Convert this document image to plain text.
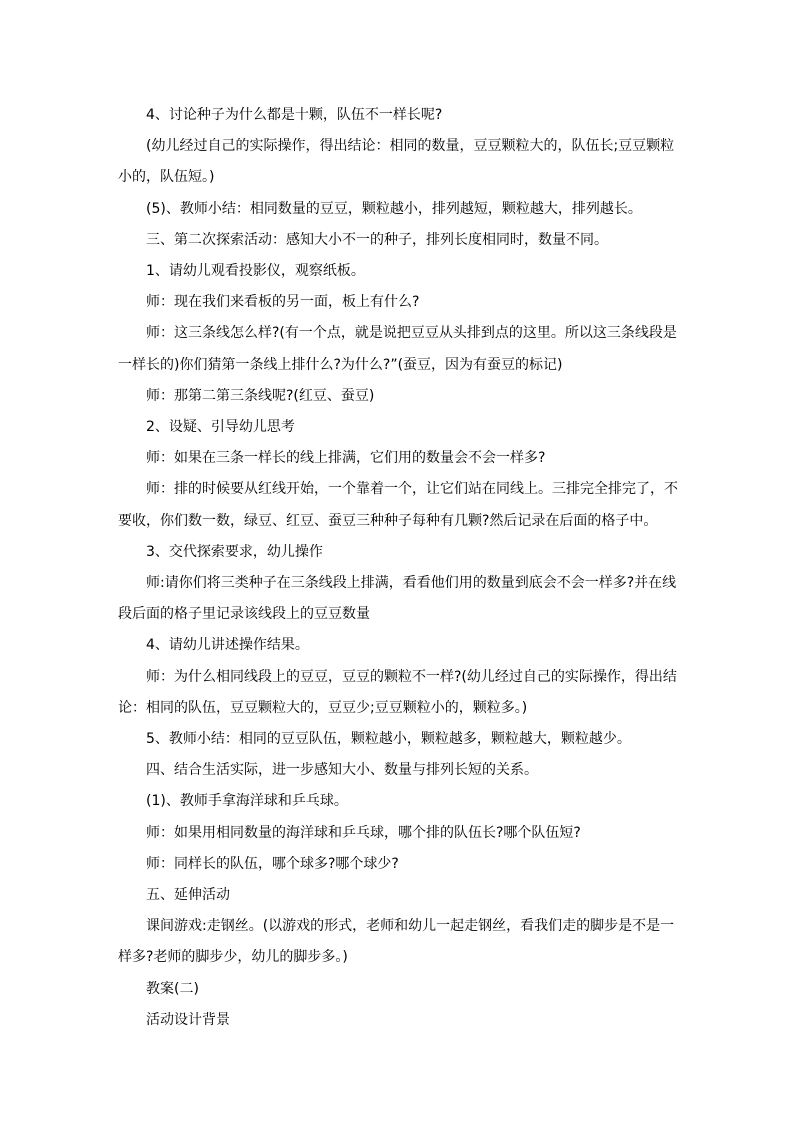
4、讨论种子为什么都是十颗，队伍不一样长呢?
(幼儿经过自己的实际操作，得出结论：相同的数量，豆豆颗粒大的，队伍长;豆豆颗粒
小的，队伍短。)
(5)、教师小结：相同数量的豆豆，颗粒越小，排列越短，颗粒越大，排列越长。
三、第二次探索活动：感知大小不一的种子，排列长度相同时，数量不同。
1、请幼儿观看投影仪，观察纸板。
师：现在我们来看板的另一面，板上有什么?
师：这三条线怎么样?(有一个点，就是说把豆豆从头排到点的这里。所以这三条线段是
一样长的)你们猜第一条线上排什么?为什么?”(蚕豆，因为有蚕豆的标记)
师：那第二第三条线呢?(红豆、蚕豆)
2、设疑、引导幼儿思考
师：如果在三条一样长的线上排满，它们用的数量会不会一样多?
师：排的时候要从红线开始，一个靠着一个，让它们站在同线上。三排完全排完了，不
要收，你们数一数，绿豆、红豆、蚕豆三种种子每种有几颗?然后记录在后面的格子中。
3、交代探索要求，幼儿操作
师:请你们将三类种子在三条线段上排满，看看他们用的数量到底会不会一样多?并在线
段后面的格子里记录该线段上的豆豆数量
4、请幼儿讲述操作结果。
师：为什么相同线段上的豆豆，豆豆的颗粒不一样?(幼儿经过自己的实际操作，得出结
论：相同的队伍，豆豆颗粒大的，豆豆少;豆豆颗粒小的，颗粒多。)
5、教师小结：相同的豆豆队伍，颗粒越小，颗粒越多，颗粒越大，颗粒越少。
四、结合生活实际，进一步感知大小、数量与排列长短的关系。
(1)、教师手拿海洋球和乒乓球。
师：如果用相同数量的海洋球和乒乓球，哪个排的队伍长?哪个队伍短?
师：同样长的队伍，哪个球多?哪个球少?
五、延伸活动
课间游戏:走钢丝。(以游戏的形式，老师和幼儿一起走钢丝，看我们走的脚步是不是一
样多?老师的脚步少，幼儿的脚步多。)
教案(二)
活动设计背景
